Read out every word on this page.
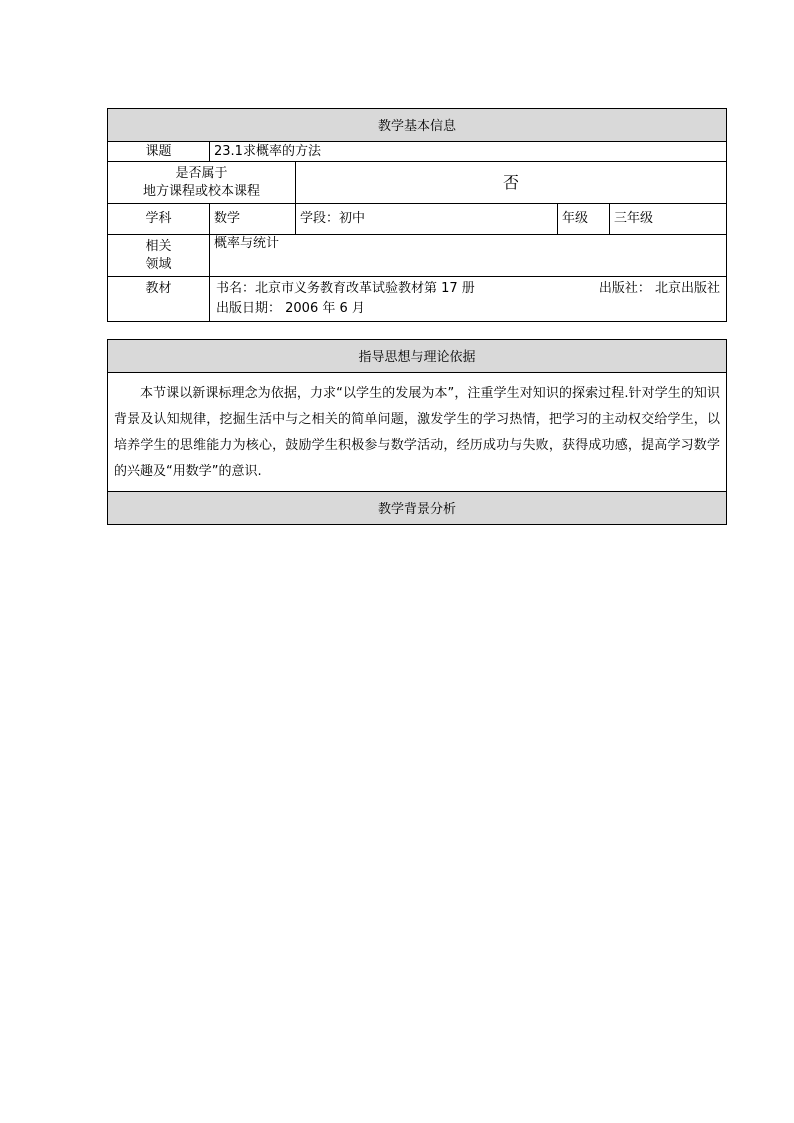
教学基本信息				
课题	23.1求概率的方法			

是否属于
地方课程或校本课程		否		
学科	数学	学段：初中	年级	三年级

相关
领域	概率与统计			
教材	书名：北京市义务教育改革试验教材第 17 册 出版社： 北京出版社
出版日期： 2006 年 6 月			
指导思想与理论依据
本节课以新课标理念为依据，力求“以学生的发展为本”，注重学生对知识的探索过程.针对学生的知识背景及认知规律，挖掘生活中与之相关的简单问题，激发学生的学习热情，把学习的主动权交给学生，以培养学生的思维能力为核心，鼓励学生积极参与数学活动，经历成功与失败，获得成功感，提高学习数学的兴趣及“用数学”的意识.
教学背景分析
